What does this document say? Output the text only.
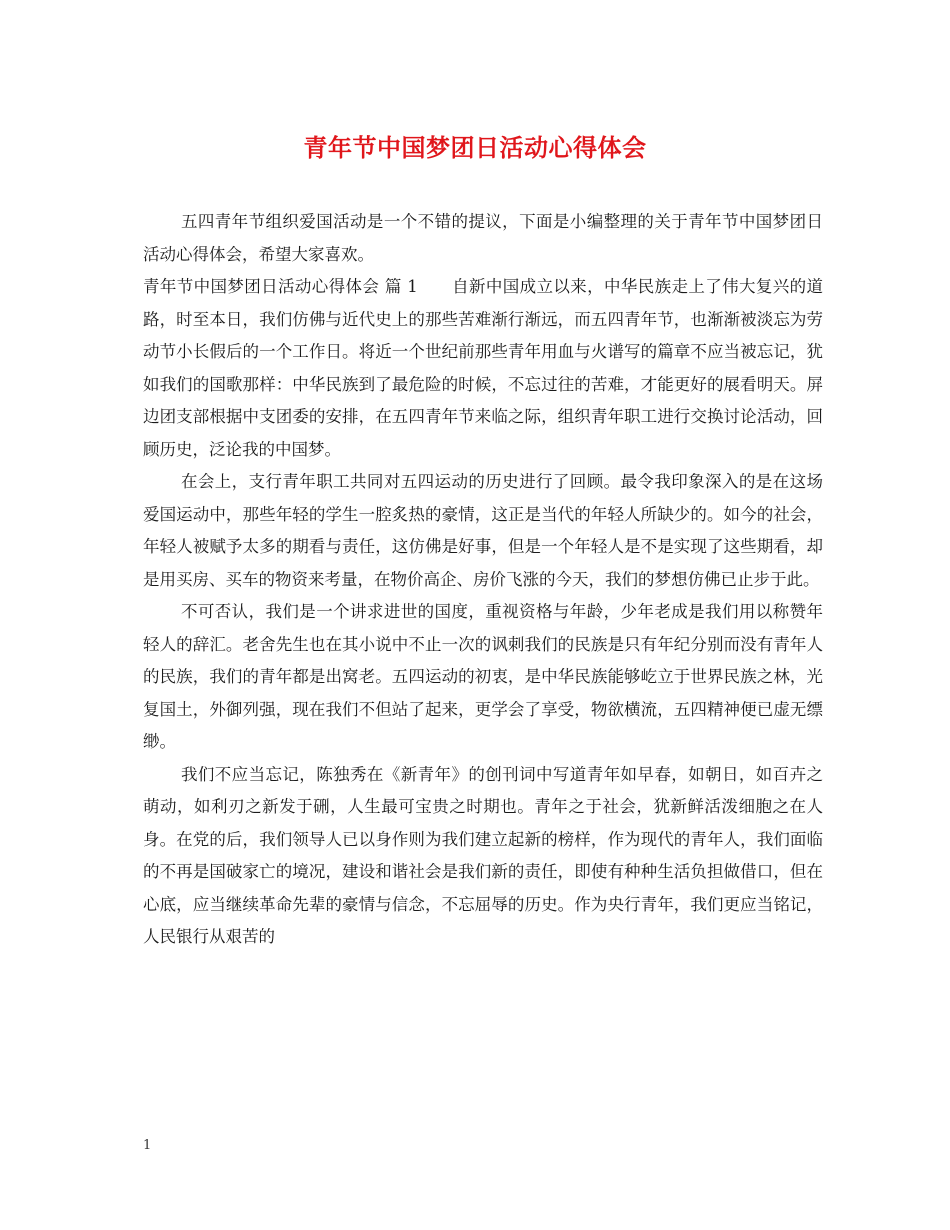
青年节中国梦团日活动心得体会

五四青年节组织爱国活动是一个不错的提议，下面是小编整理的关于青年节中国梦团日活动心得体会，希望大家喜欢。

青年节中国梦团日活动心得体会 篇 1 自新中国成立以来，中华民族走上了伟大复兴的道路，时至本日，我们仿佛与近代史上的那些苦难渐行渐远，而五四青年节，也渐渐被淡忘为劳动节小长假后的一个工作日。将近一个世纪前那些青年用血与火谱写的篇章不应当被忘记，犹如我们的国歌那样：中华民族到了最危险的时候，不忘过往的苦难，才能更好的展看明天。屏边团支部根据中支团委的安排，在五四青年节来临之际，组织青年职工进行交换讨论活动，回顾历史，泛论我的中国梦。

在会上，支行青年职工共同对五四运动的历史进行了回顾。最令我印象深入的是在这场爱国运动中，那些年轻的学生一腔炙热的豪情，这正是当代的年轻人所缺少的。如今的社会，年轻人被赋予太多的期看与责任，这仿佛是好事，但是一个年轻人是不是实现了这些期看，却是用买房、买车的物资来考量，在物价高企、房价飞涨的今天，我们的梦想仿佛已止步于此。

不可否认，我们是一个讲求进世的国度，重视资格与年龄，少年老成是我们用以称赞年轻人的辞汇。老舍先生也在其小说中不止一次的讽刺我们的民族是只有年纪分别而没有青年人的民族，我们的青年都是出窝老。五四运动的初衷，是中华民族能够屹立于世界民族之林，光复国土，外御列强，现在我们不但站了起来，更学会了享受，物欲横流，五四精神便已虚无缥缈。

我们不应当忘记，陈独秀在《新青年》的创刊词中写道青年如早春，如朝日，如百卉之萌动，如利刃之新发于硎，人生最可宝贵之时期也。青年之于社会，犹新鲜活泼细胞之在人身。在党的后，我们领导人已以身作则为我们建立起新的榜样，作为现代的青年人，我们面临的不再是国破家亡的境况，建设和谐社会是我们新的责任，即使有种种生活负担做借口，但在心底，应当继续革命先辈的豪情与信念，不忘屈辱的历史。作为央行青年，我们更应当铭记，人民银行从艰苦的

1
